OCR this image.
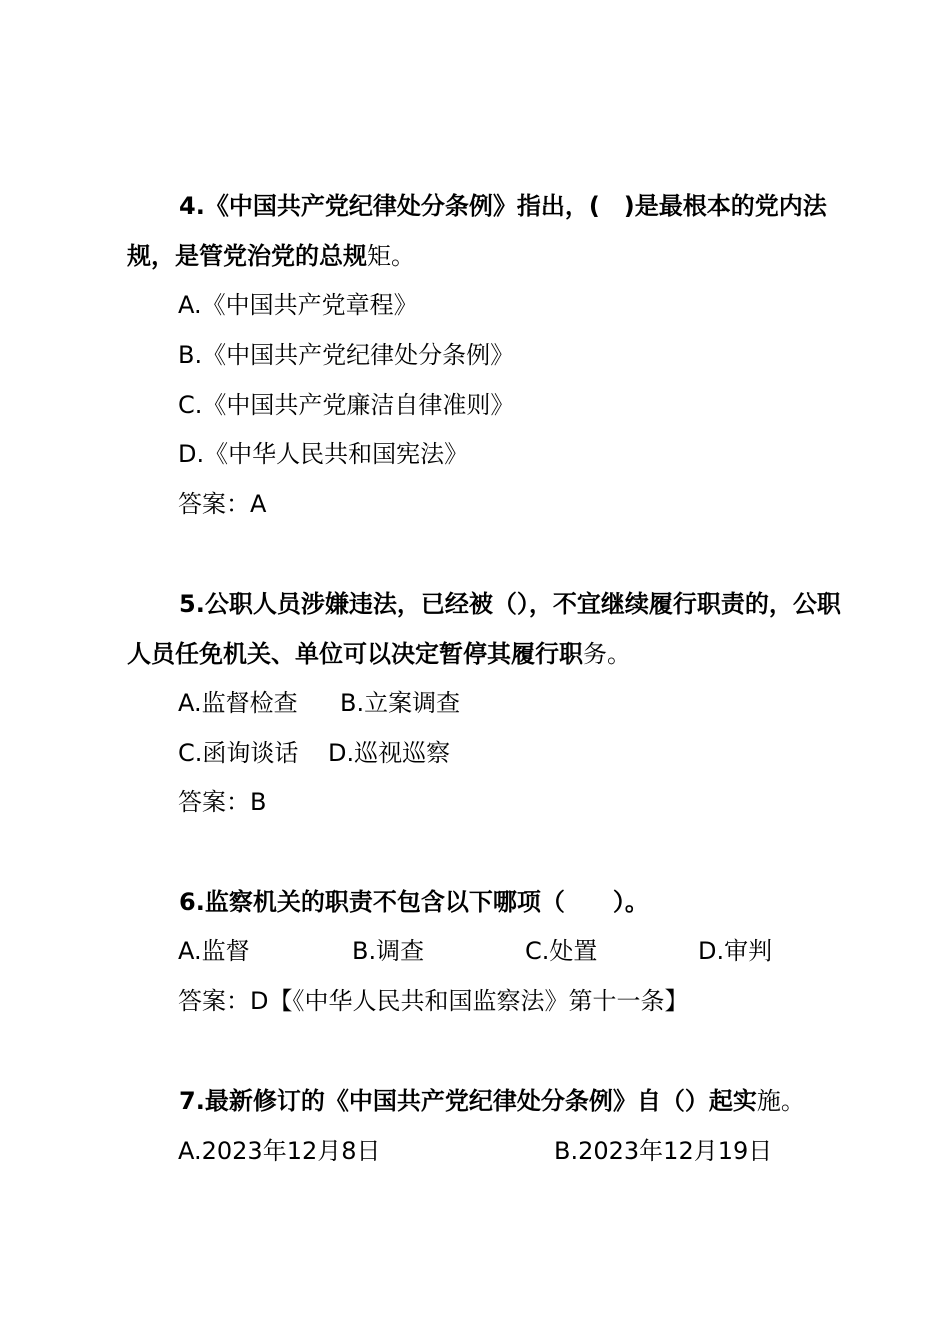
4.《中国共产党纪律处分条例》指出，(　)是最根本的党内法规，是管党治党的总规矩。

A.《中国共产党章程》
B.《中国共产党纪律处分条例》
C.《中国共产党廉洁自律准则》
D.《中华人民共和国宪法》
答案：A

5.公职人员涉嫌违法，已经被（），不宜继续履行职责的，公职人员任免机关、单位可以决定暂停其履行职务。

A.监督检查 B.立案调查
C.函询谈话 D.巡视巡察
答案：B

6.监察机关的职责不包含以下哪项（　　）。

A.监督	B.调查	C.处置	D.审判
答案：D【《中华人民共和国监察法》第十一条】

7.最新修订的《中国共产党纪律处分条例》自（）起实施。

A.2023年12月8日	B.2023年12月19日
